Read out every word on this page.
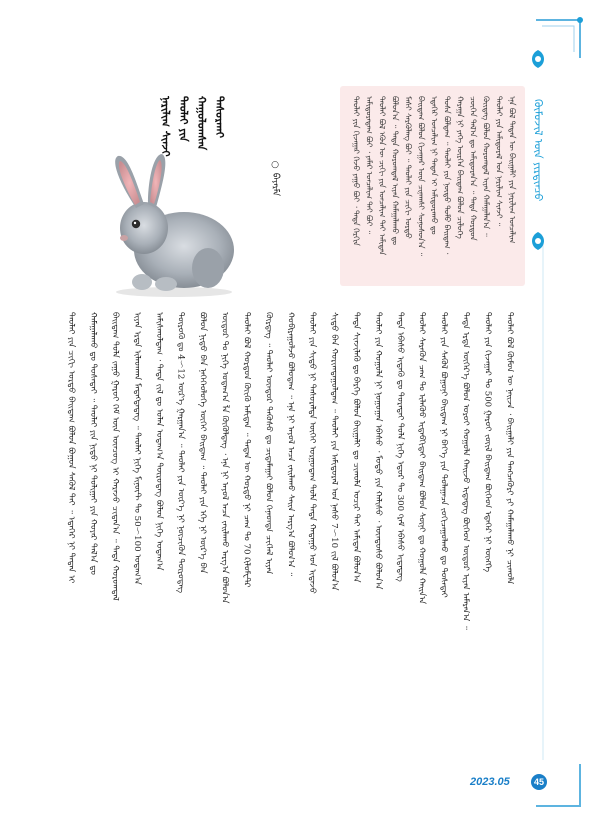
ᠬᠦᠮᠦᠵᠢᠯ ᠦᠨ ᠶᠢᠷᠲᠢᠨᠴᠦ
ᠲᠠᠤᠯᠠᠢ ᠶᠢᠨ ᠬᠢᠵᠠᠭᠠᠷ ᠭᠡᠵᠦ ᠶᠠᠭᠤ ᠪᠤᠢ ᠂ ᠲᠡᠳᠡ ᠬᠡᠷᠬᠢᠨ ᠠᠮᠢᠳᠤᠷᠠᠳᠠᠭ ᠪᠤᠢ ᠂ ᠶᠠᠮᠠᠷ ᠣᠨᠴᠠᠯᠢᠭ ᠲᠠᠢ ᠪᠤᠢ ᠃ ᠲᠠᠤᠯᠠᠢ ᠪᠣᠯ ᠡᠭᠦᠨ ᠦ ᠴᠢᠬᠢ ᠶᠢᠨ ᠣᠨᠴᠠᠯᠢᠭ ᠲᠠᠢ ᠠᠮᠢᠲᠠᠨ ᠪᠣᠯᠤᠨ᠎ᠠ ᠃ ᠲᠡᠳᠡ ᠬᠣᠷᠤᠭᠳᠠᠯ ᠢᠶᠠᠨ ᠬᠠᠮᠠᠭᠠᠯᠠᠬᠤ ᠳᠤ ᠮᠠᠰᠢ ᠰᠡᠷᠭᠦᠯᠡᠩ ᠪᠤᠢ ᠃ ᠲᠠᠤᠯᠠᠢ ᠶᠢᠨ ᠴᠢᠬᠢ ᠤᠷᠳᠤ ᠪᠠᠢᠳᠠᠭ ᠪᠣᠯᠤᠨ ᠬᠢᠵᠠᠭᠠᠷ ᠦᠨ ᠴᠢᠨᠠᠭᠰᠢ ᠰᠣᠨᠣᠰᠤᠨ᠎ᠠ ᠃ ᠡᠳᠡᠭᠡᠷ ᠣᠨᠴᠠᠯᠢᠭ ᠨᠢ ᠲᠡᠳᠡᠨ ᠢ ᠠᠮᠢᠳᠤᠷᠠᠬᠤ ᠳᠤ ᠲᠤᠰᠠ ᠪᠣᠯᠳᠠᠭ ᠃ ᠲᠠᠤᠯᠠᠢ ᠶᠢᠨ ᠨᠦᠳᠦ ᠲᠣᠮᠣ ᠪᠠᠢᠳᠠᠭ ᠂ ᠬᠠᠷᠠᠭᠠ ᠨᠢ ᠶᠡᠬᠡ ᠥᠷᠭᠡᠨ ᠪᠠᠢᠳᠠᠭ ᠪᠣᠯᠤᠨ ᠴᠢᠯᠦᠭᠡ ᠴᠥᠭᠡᠨ ᠲᠠᠯ᠎ᠠ ᠳᠤ ᠠᠮᠢᠳᠤᠷᠠᠨ᠎ᠠ ᠃ ᠲᠡᠳᠡ ᠬᠤᠷᠳᠤᠨ ᠭᠦᠢᠳᠡᠭ ᠪᠣᠯᠤᠨ ᠬᠣᠷᠤᠭᠳᠠᠯ ᠢᠶᠠᠨ ᠬᠠᠮᠠᠭᠠᠯᠠᠨ᠎ᠠ ᠃ ᠲᠠᠤᠯᠠᠢ ᠶᠢᠨ ᠠᠮᠢᠳᠤᠷᠠᠯ ᠤᠨ ᠨᠠᠷᠢᠯᠢᠭ ᠰᠢᠨᠵᠢ ᠃ ᠡᠨᠡ ᠪᠣᠯ ᠲᠡᠳᠡᠨ ᠦ ᠪᠠᠢᠭᠠᠯᠢ ᠶᠢᠨ ᠨᠠᠷᠢᠯᠢᠭ ᠣᠨᠴᠠᠯᠢᠭ
ᠲᠠᠰᠤᠷᠬᠠᠢ
ᠬᠠᠭᠤᠯᠤᠭᠰᠠᠨ
ᠲᠠᠤᠯᠠᠢ ᠶᠢᠨ
ᠨᠠᠷᠢᠯᠢᠭ ᠰᠢᠨᠵᠢ
○ ᠪᠠᠶᠠᠷᠮᠠ
ᠲᠠᠤᠯᠠᠢ ᠶᠢᠨ ᠴᠢᠬᠢ ᠤᠷᠳᠤ ᠪᠠᠢᠳᠠᠭ ᠪᠣᠯᠤᠨ ᠪᠣᠭᠤᠨ ᠰᠡᠭᠦᠯ ᠲᠠᠢ ᠃ ᠡᠳᠡᠭᠡᠷ ᠨᠢ ᠲᠡᠳᠡᠨ ᠢ ᠬᠠᠮᠠᠭᠠᠯᠠᠬᠤ ᠳᠤ ᠲᠤᠰᠠᠲᠠᠢ ᠃ ᠲᠠᠤᠯᠠᠢ ᠶᠢᠨ ᠨᠢᠳᠦ ᠨᠢ ᠲᠣᠯᠢᠭᠠᠢ ᠶᠢᠨ ᠬᠣᠶᠠᠷ ᠲᠠᠯ᠎ᠠ ᠳᠤ ᠪᠠᠢᠳᠠᠭ ᠲᠤᠯᠠ ᠵᠠᠭᠤ ᠭᠠᠷᠤᠢ ᠬᠡᠮ ᠦᠨ ᠥᠨᠴᠦᠭ ᠢ ᠬᠠᠷᠠᠵᠤ ᠴᠢᠳᠠᠨ᠎ᠠ ᠃ ᠲᠡᠳᠡ ᠬᠣᠷᠤᠭᠳᠠᠯ ᠢᠶᠠᠨ ᠡᠷᠲᠡ ᠢᠯᠠᠳᠬᠠᠨ ᠮᠡᠳᠡᠭᠳᠡᠳᠡᠭ ᠃ ᠲᠠᠤᠯᠠᠢ ᠨᠢᠭᠡ ᠮᠢᠨᠦ᠋ᠲ ᠲᠤ 50～100 ᠤᠳᠠᠭ᠎ᠠ ᠠᠮᠢᠰᠬᠤᠯᠳᠠᠭ ᠂ ᠲᠡᠳᠡ ᠵᠢᠯ ᠳᠤ ᠣᠯᠠᠨ ᠤᠳᠠᠭ᠎ᠠ ᠲᠥᠷᠥᠳᠡᠭ ᠪᠣᠯᠤᠨ ᠨᠢᠭᠡ ᠤᠳᠠᠭ᠎ᠠ ᠲᠥᠷᠥᠬᠦ ᠳᠤ 4～12 ᠦᠷ᠎ᠡ ᠭᠠᠷᠭᠠᠨ᠎ᠠ ᠃ ᠲᠠᠤᠯᠠᠢ ᠶᠢᠨ ᠦᠷ᠎ᠡ ᠨᠢ ᠨᠦᠴᠢᠭᠦᠨ ᠲᠥᠷᠥᠳᠡᠭ ᠪᠣᠯᠤᠨ ᠨᠢᠳᠦ ᠪᠠᠨ ᠨᠡᠭᠡᠬᠡᠦᠯᠦᠭᠡ ᠦᠭᠡᠢ ᠪᠠᠢᠳᠠᠭ ᠃ ᠲᠠᠤᠯᠠᠢ ᠶᠢᠨ ᠡᠬᠡ ᠨᠢ ᠦᠷ᠎ᠡ ᠪᠠᠨ ᠥᠳᠥᠷ ᠲᠤ ᠨᠢᠭᠡ ᠤᠳᠠᠭ᠎ᠠ ᠯᠠ ᠬᠥᠬᠦᠯᠳᠡᠭ ᠂ ᠡᠨᠡ ᠨᠢ ᠠᠶᠤᠯ ᠠᠴᠠ ᠵᠠᠢᠯᠠᠬᠤ ᠠᠷᠭ᠎ᠠ ᠪᠣᠯᠤᠨ᠎ᠠ ᠲᠠᠤᠯᠠᠢ ᠪᠣᠯ ᠬᠤᠷᠳᠤᠨ ᠭᠦᠢᠬᠦ ᠠᠮᠢᠲᠠᠨ ᠃ ᠲᠡᠳᠡᠨ ᠦ ᠬᠤᠷᠳᠤ ᠨᠢ ᠴᠠᠭ ᠲᠤ 70 ᠺᠢᠯᠣᠮᠧᠲᠷ ᠬᠦᠷᠳᠡᠭ ᠃ ᠲᠠᠤᠯᠠᠢ ᠥᠨᠳᠥᠷ ᠲᠡᠭᠦᠰᠦ ᠳᠤ ᠴᠢᠳᠠᠮᠠᠭᠠᠢ ᠪᠣᠯᠤᠨ ᠭᠡᠨᠡᠳᠲᠡ ᠴᠢᠭᠯᠡᠯ ᠢᠶᠡᠨ ᠬᠤᠪᠢᠷᠠᠭᠤᠯᠵᠤ ᠪᠣᠯᠣᠳᠠᠭ ᠃ ᠡᠨᠡ ᠨᠢ ᠠᠶᠤᠯ ᠠᠴᠠ ᠵᠠᠢᠯᠠᠬᠤ ᠰᠠᠢᠨ ᠠᠷᠭ᠎ᠠ ᠪᠣᠯᠤᠨ᠎ᠠ ᠃ ᠲᠠᠤᠯᠠᠢ ᠶᠢᠨ ᠰᠢᠳᠦ ᠨᠢ ᠲᠠᠰᠤᠷᠠᠯᠲᠠ ᠦᠭᠡᠢ ᠤᠷᠭᠤᠳᠠᠭ ᠲᠤᠯᠠ ᠲᠡᠳᠡ ᠬᠠᠲᠠᠭᠤ ᠡᠳ ᠢᠳᠡᠵᠦ ᠰᠢᠳᠦ ᠪᠡᠨ ᠬᠣᠷᠢᠭᠳᠠᠭᠤᠯᠳᠠᠭ ᠃ ᠲᠠᠤᠯᠠᠢ ᠶᠢᠨ ᠠᠮᠢᠳᠤᠷᠠᠯ ᠤᠨ ᠨᠠᠰᠤ 7～10 ᠵᠢᠯ ᠪᠣᠯᠤᠨ᠎ᠠ ᠲᠡᠳᠡ ᠰᠢᠨᠵᠢᠯᠡᠬᠦ ᠳᠤ ᠪᠡᠷᠬᠡ ᠪᠣᠯᠤᠨ ᠪᠠᠢᠭᠠᠯᠢ ᠳᠤ ᠴᠢᠬᠤᠯᠠ ᠤᠴᠢᠷ ᠲᠠᠢ ᠠᠮᠢᠲᠠᠨ ᠪᠣᠯᠤᠨ᠎ᠠ ᠲᠠᠤᠯᠠᠢ ᠶᠢᠨ ᠬᠣᠭᠣᠯᠠ ᠨᠢ ᠨᠣᠭᠣᠭᠠᠨ ᠡᠪᠡᠰᠦ ᠂ ᠮᠣᠳᠣ ᠶᠢᠨ ᠬᠠᠯᠢᠰᠤ ᠂ ᠦᠨᠳᠦᠰᠦ ᠪᠣᠯᠤᠨ᠎ᠠ ᠲᠡᠳᠡ ᠡᠪᠡᠰᠦ ᠢᠳᠡᠬᠦ ᠳᠤ ᠳᠤᠷᠠᠲᠠᠢ ᠲᠤᠯᠠ ᠨᠢᠭᠡ ᠡᠳᠦᠷ ᠲᠤ 300 ᠭᠷᠠᠮ ᠡᠪᠡᠰᠦ ᠢᠳᠡᠳᠡᠭ ᠲᠠᠤᠯᠠᠢ ᠰᠡᠷᠡᠭᠦᠨ ᠴᠠᠭ ᠲᠤ ᠢᠯᠡᠭᠦᠦ ᠢᠳᠡᠪᠬᠢᠲᠡᠢ ᠪᠠᠢᠳᠠᠭ ᠪᠣᠯᠤᠨ ᠰᠦᠨᠢ ᠳᠤ ᠬᠣᠭᠣᠯᠠ ᠬᠠᠢᠨ᠎ᠠ ᠲᠠᠤᠯᠠᠢ ᠶᠢᠨ ᠰᠡᠭᠦᠯ ᠪᠣᠭᠤᠨᠢ ᠪᠠᠢᠳᠠᠭ ᠨᠢ ᠪᠡᠶ᠎ᠡ ᠶᠢᠨ ᠳᠤᠯᠠᠭᠠᠴᠠ ᠵᠣᠬᠢᠴᠠᠭᠤᠯᠬᠤ ᠳᠤ ᠲᠤᠰᠠᠲᠠᠢ ᠲᠡᠳᠡ ᠡᠷᠲᠡ ᠦᠭᠡᠷ᠎ᠡ ᠪᠣᠯᠤᠨ ᠣᠷᠣᠢ ᠬᠣᠭᠣᠯᠠ ᠬᠠᠢᠵᠤ ᠢᠳᠡᠳᠡᠭ ᠪᠥᠭᠡᠳ ᠥᠳᠥᠷ ᠢᠶᠡᠨ ᠠᠮᠠᠷᠠᠨ᠎ᠠ ᠃ ᠲᠠᠤᠯᠠᠢ ᠶᠢᠨ ᠬᠢᠵᠠᠭᠠᠷ ᠲᠤ 500 ᠭᠠᠷᠤᠢ ᠵᠦᠢᠯ ᠪᠠᠢᠳᠠᠭ ᠪᠥᠭᠡᠳ ᠡᠳᠡᠭᠡᠷ ᠨᠢ ᠥᠩᠭᠡ ᠲᠠᠤᠯᠠᠢ ᠪᠣᠯ ᠬᠦᠮᠦᠨ ᠦ ᠨᠠᠢᠵᠠ ᠂ ᠪᠠᠢᠭᠠᠯᠢ ᠶᠢᠨ ᠲᠡᠩᠴᠡᠭᠦᠷᠢ ᠶᠢ ᠬᠠᠮᠠᠭᠠᠯᠠᠬᠤ ᠨᠢ ᠴᠢᠬᠤᠯᠠ
2023.05	45
